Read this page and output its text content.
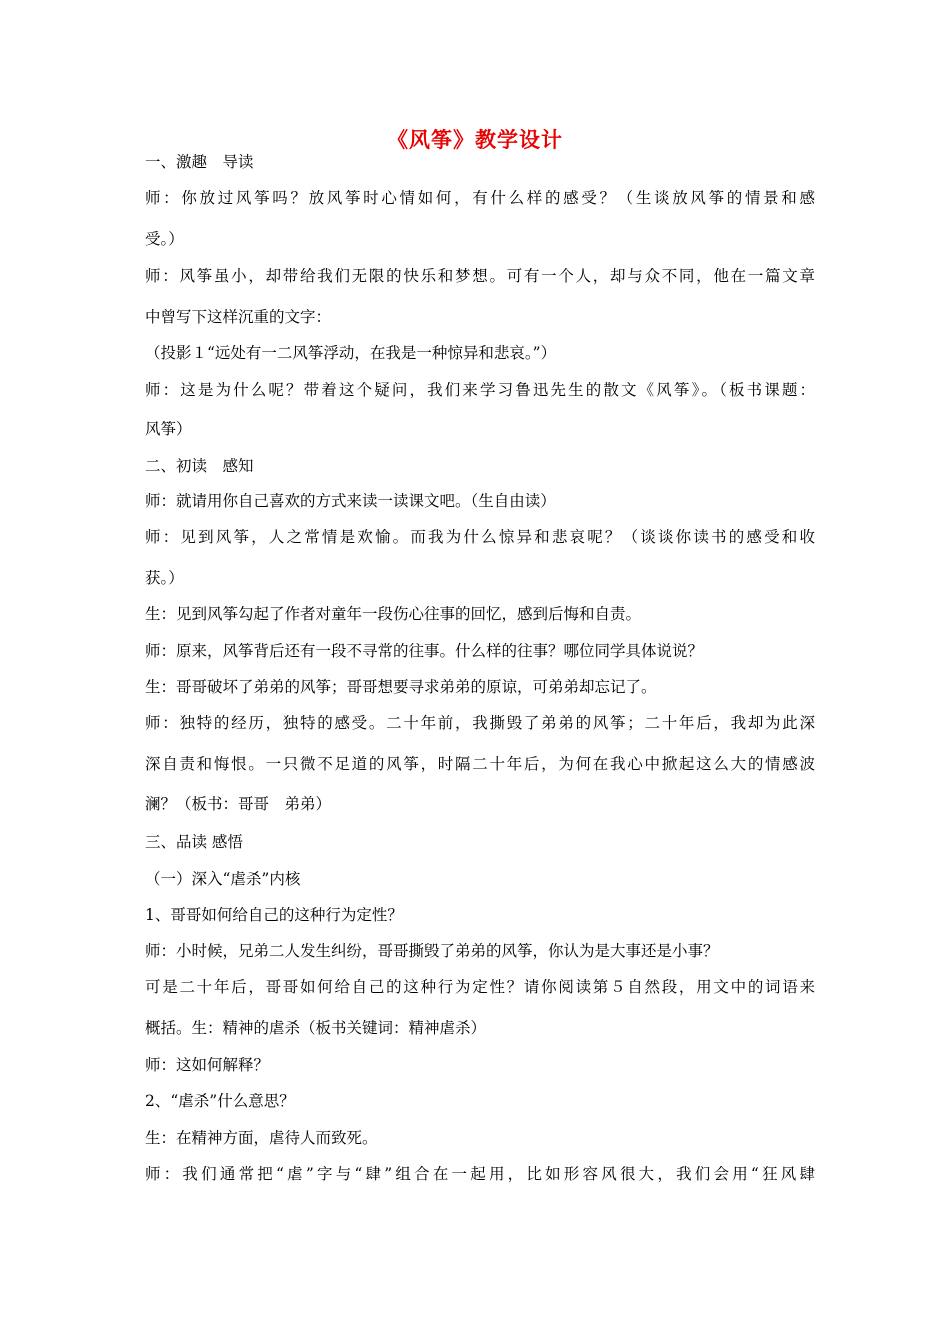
《风筝》教学设计
一、激趣　导读
师：你放过风筝吗？放风筝时心情如何，有什么样的感受？（生谈放风筝的情景和感
受。）
师：风筝虽小，却带给我们无限的快乐和梦想。可有一个人，却与众不同，他在一篇文章
中曾写下这样沉重的文字：
（投影１“远处有一二风筝浮动，在我是一种惊异和悲哀。”）
师：这是为什么呢？带着这个疑问，我们来学习鲁迅先生的散文《风筝》。（板书课题：
风筝）
二、初读　感知
师：就请用你自己喜欢的方式来读一读课文吧。（生自由读）
师：见到风筝，人之常情是欢愉。而我为什么惊异和悲哀呢？（谈谈你读书的感受和收
获。）
生：见到风筝勾起了作者对童年一段伤心往事的回忆，感到后悔和自责。
师：原来，风筝背后还有一段不寻常的往事。什么样的往事？哪位同学具体说说？
生：哥哥破坏了弟弟的风筝；哥哥想要寻求弟弟的原谅，可弟弟却忘记了。
师：独特的经历，独特的感受。二十年前，我撕毁了弟弟的风筝；二十年后，我却为此深
深自责和悔恨。一只微不足道的风筝，时隔二十年后，为何在我心中掀起这么大的情感波
澜？（板书：哥哥　弟弟）
三、品读 感悟
（一）深入“虐杀”内核
1、哥哥如何给自己的这种行为定性？
师：小时候，兄弟二人发生纠纷，哥哥撕毁了弟弟的风筝，你认为是大事还是小事？
可是二十年后，哥哥如何给自己的这种行为定性？请你阅读第５自然段，用文中的词语来
概括。生：精神的虐杀（板书关键词：精神虐杀）
师：这如何解释？
2、“虐杀”什么意思？
生：在精神方面，虐待人而致死。
师：我们通常把“虐”字与“肆”组合在一起用，比如形容风很大，我们会用“狂风肆
